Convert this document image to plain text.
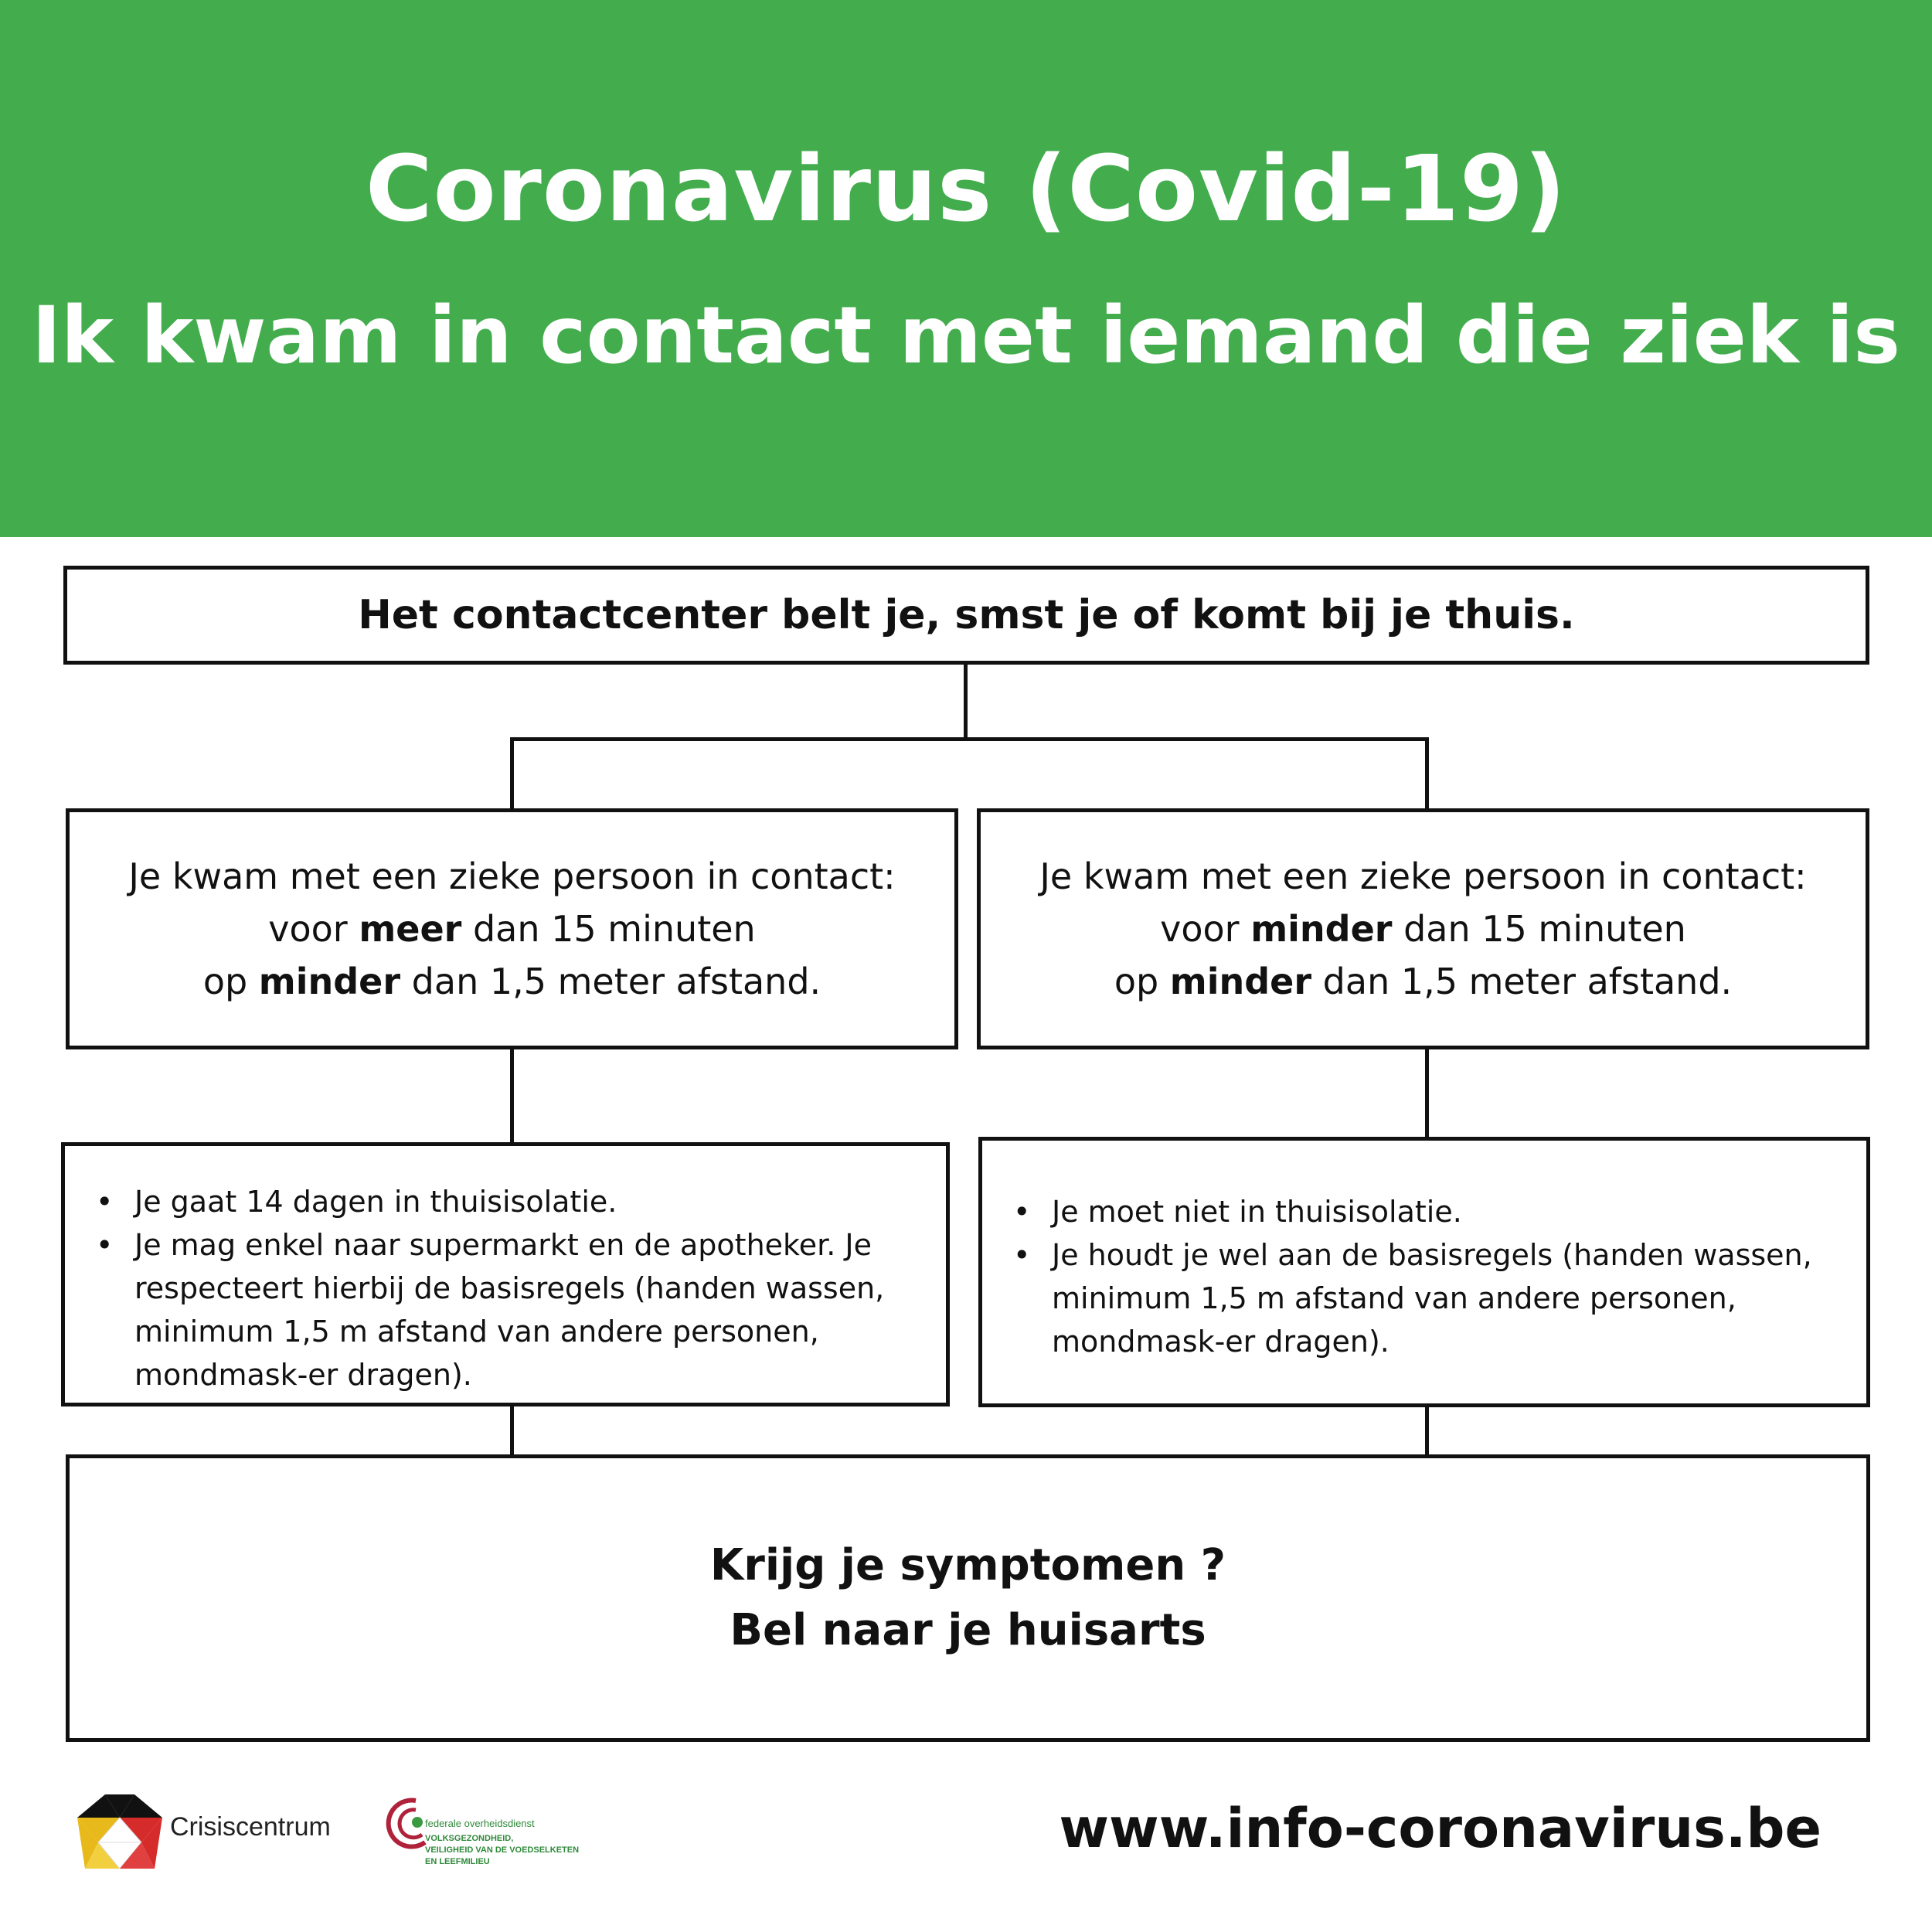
Coronavirus (Covid-19)
Ik kwam in contact met iemand die ziek is
Het contactcenter belt je, smst je of komt bij je thuis.
Je kwam met een zieke persoon in contact:
voor meer dan 15 minuten
op minder dan 1,5 meter afstand.
Je kwam met een zieke persoon in contact:
voor minder dan 15 minuten
op minder dan 1,5 meter afstand.
• Je gaat 14 dagen in thuisisolatie.
• Je mag enkel naar supermarkt en de apotheker. Je respecteert hierbij de basisregels (handen wassen, minimum 1,5 m afstand van andere personen, mondmask-er dragen).
• Je moet niet in thuisisolatie.
• Je houdt je wel aan de basisregels (handen wassen, minimum 1,5 m afstand van andere personen, mondmask-er dragen).
Krijg je symptomen ?
Bel naar je huisarts
Crisiscentrum	federale overheidsdienst
VOLKSGEZONDHEID,
VEILIGHEID VAN DE VOEDSELKETEN
EN LEEFMILIEU
www.info-coronavirus.be
